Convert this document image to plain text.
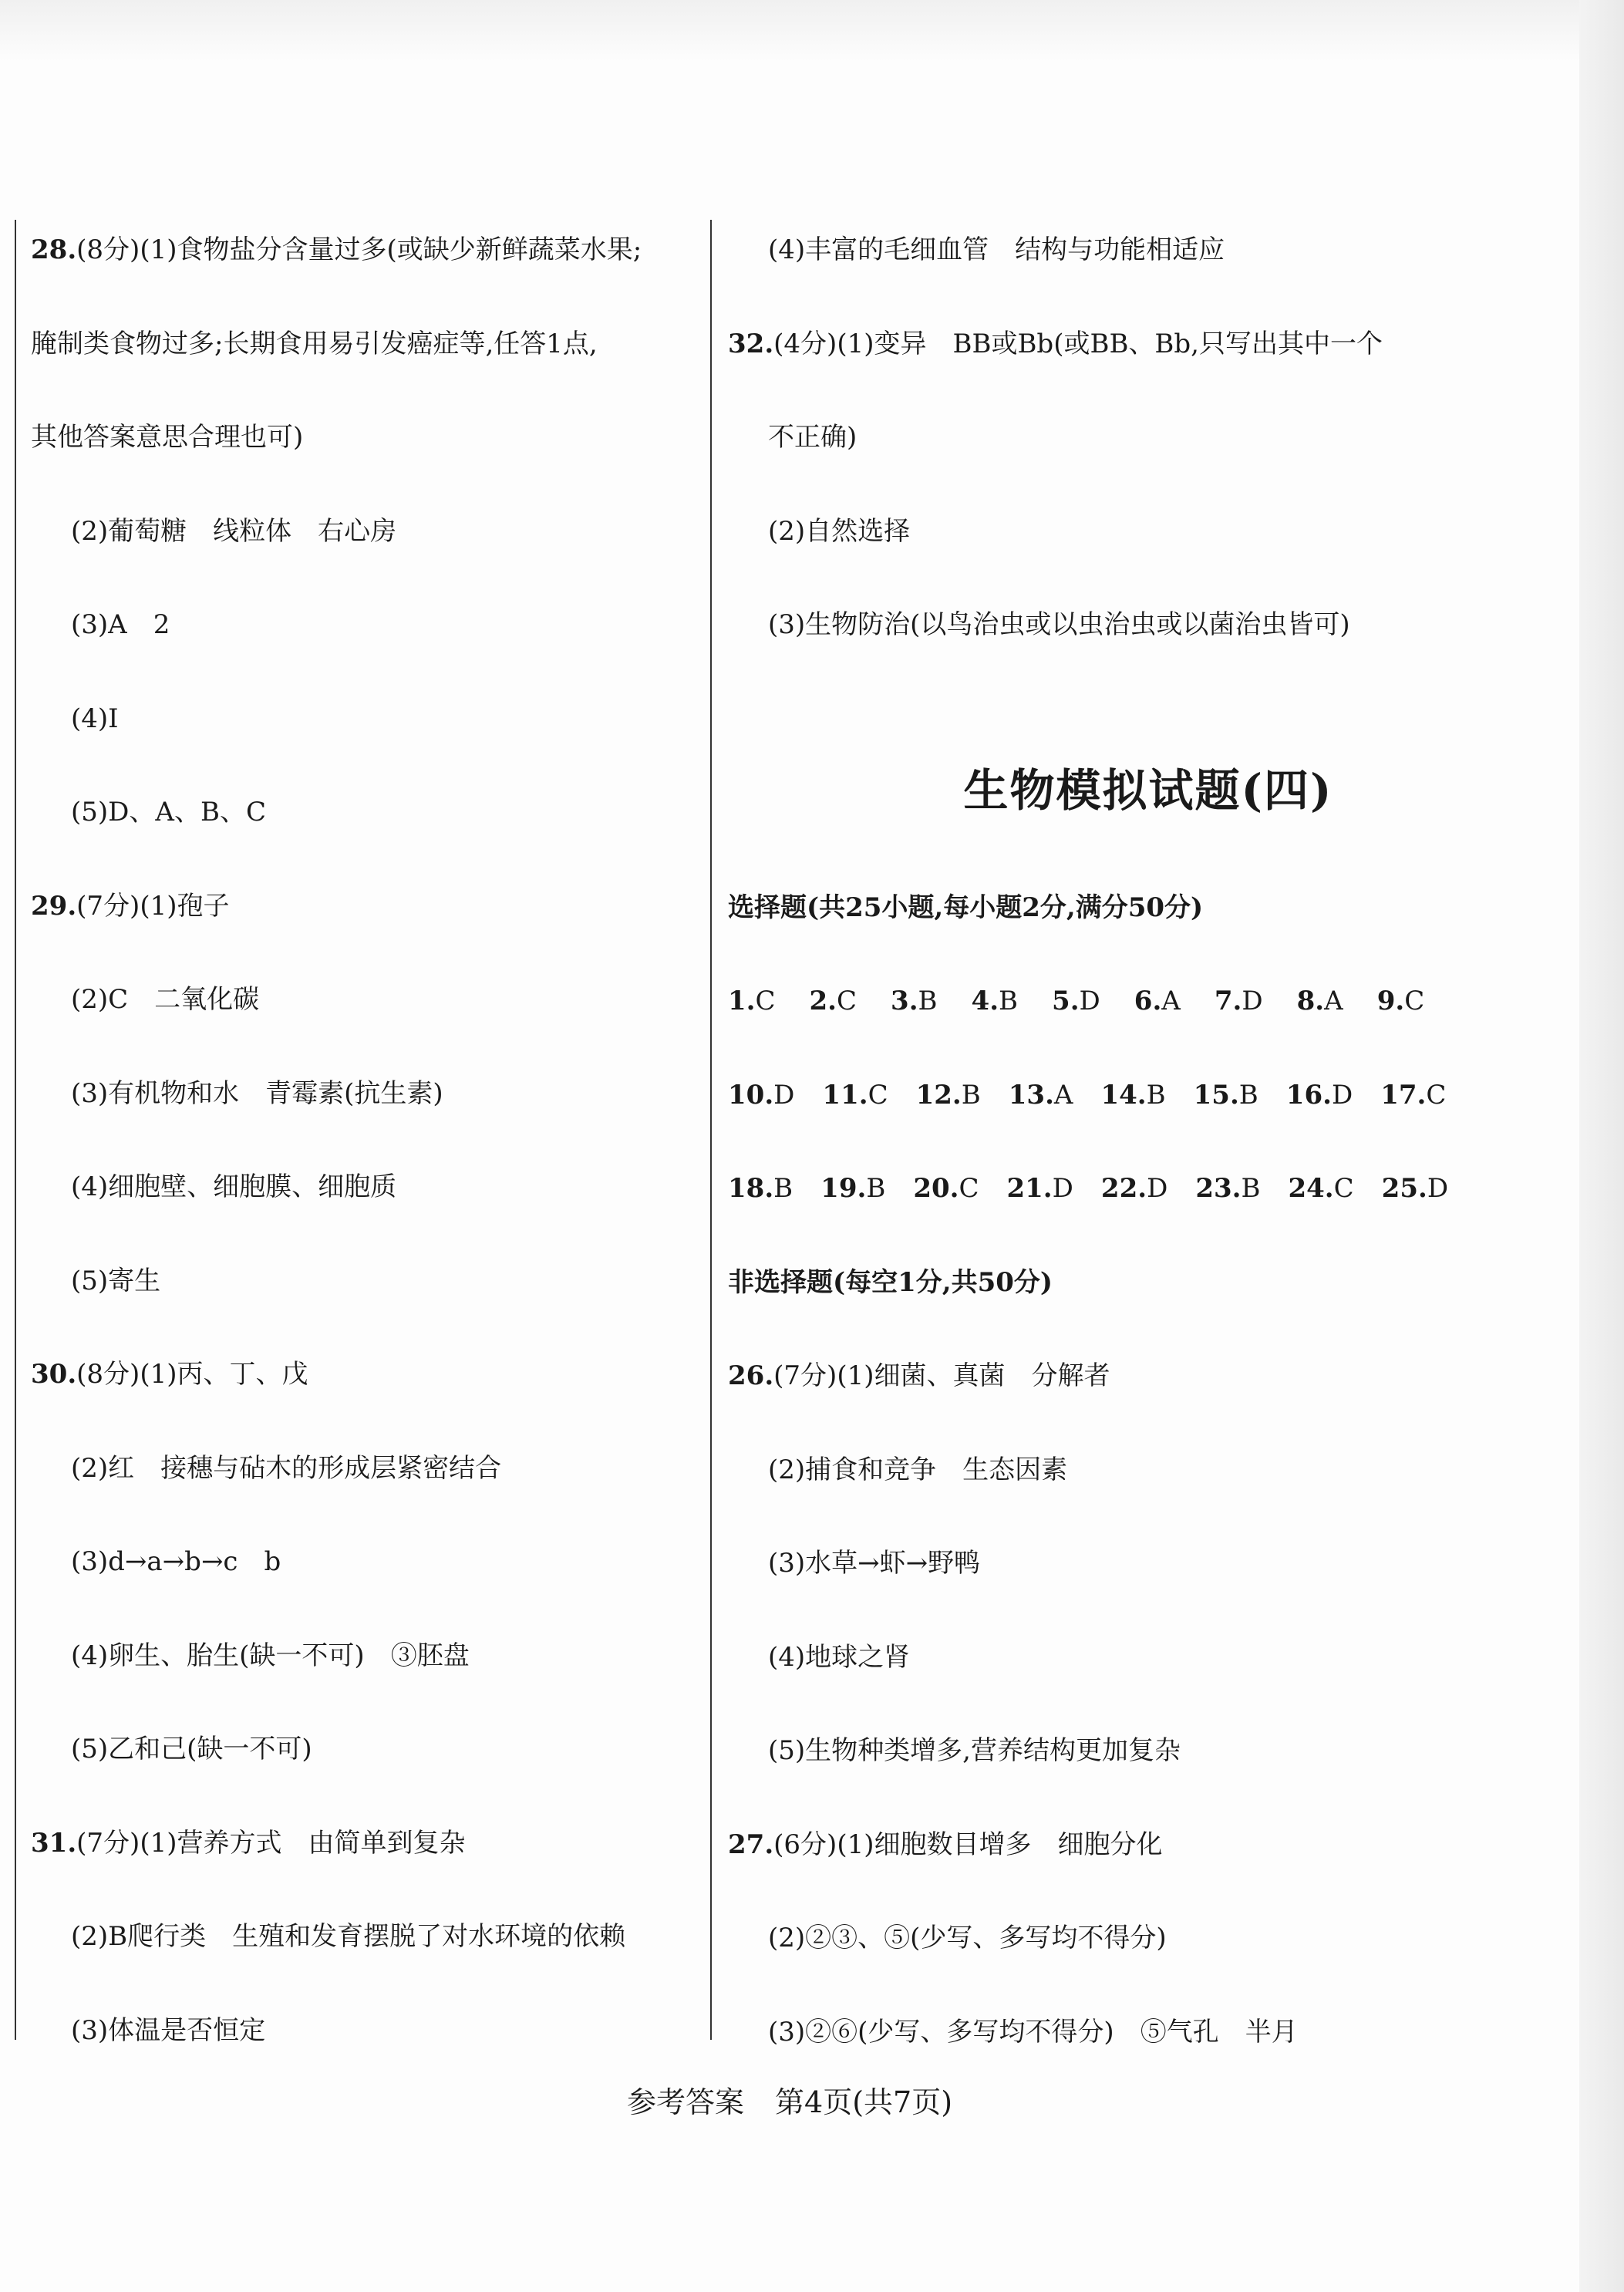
28.(8分)(1)食物盐分含量过多(或缺少新鲜蔬菜水果;
腌制类食物过多;长期食用易引发癌症等,任答1点,
其他答案意思合理也可)
(2)葡萄糖　线粒体　右心房
(3)A　2
(4)Ⅰ
(5)D、A、B、C
29.(7分)(1)孢子
(2)C　二氧化碳
(3)有机物和水　青霉素(抗生素)
(4)细胞壁、细胞膜、细胞质
(5)寄生
30.(8分)(1)丙、丁、戊
(2)红　接穗与砧木的形成层紧密结合
(3)d→a→b→c　b
(4)卵生、胎生(缺一不可)　③胚盘
(5)乙和己(缺一不可)
31.(7分)(1)营养方式　由简单到复杂
(2)B爬行类　生殖和发育摆脱了对水环境的依赖
(3)体温是否恒定
(4)丰富的毛细血管　结构与功能相适应
32.(4分)(1)变异　BB或Bb(或BB、Bb,只写出其中一个
不正确)
(2)自然选择
(3)生物防治(以鸟治虫或以虫治虫或以菌治虫皆可)
生物模拟试题(四)
选择题(共25小题,每小题2分,满分50分)
1.C 2.C 3.B 4.B 5.D 6.A 7.D 8.A 9.C
10.D 11.C 12.B 13.A 14.B 15.B 16.D 17.C
18.B 19.B 20.C 21.D 22.D 23.B 24.C 25.D
非选择题(每空1分,共50分)
26.(7分)(1)细菌、真菌　分解者
(2)捕食和竞争　生态因素
(3)水草→虾→野鸭
(4)地球之肾
(5)生物种类增多,营养结构更加复杂
27.(6分)(1)细胞数目增多　细胞分化
(2)②③、⑤(少写、多写均不得分)
(3)②⑥(少写、多写均不得分)　⑤气孔　半月
参考答案 第4页(共7页)
